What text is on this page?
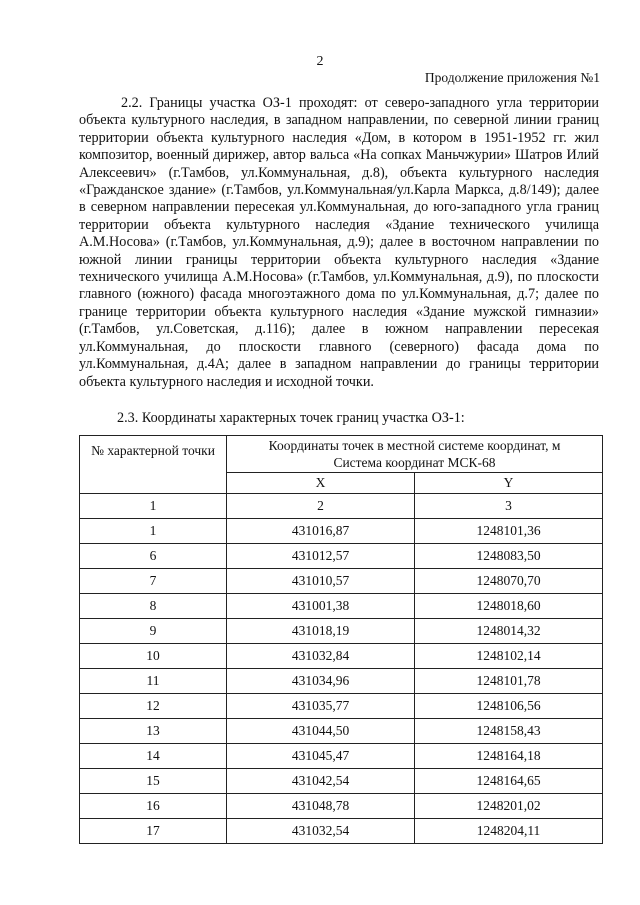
2
Продолжение приложения №1

2.2. Границы участка ОЗ-1 проходят: от северо-западного угла территории объекта культурного наследия, в западном направлении, по северной линии границ территории объекта культурного наследия «Дом, в котором в 1951-1952 гг. жил композитор, военный дирижер, автор вальса «На сопках Маньчжурии» Шатров Илий Алексеевич» (г.Тамбов, ул.Коммунальная, д.8), объекта культурного наследия «Гражданское здание» (г.Тамбов, ул.Коммунальная/ул.Карла Маркса, д.8/149); далее в северном направлении пересекая ул.Коммунальная, до юго-западного угла границ территории объекта культурного наследия «Здание технического училища А.М.Носова» (г.Тамбов, ул.Коммунальная, д.9); далее в восточном направлении по южной линии границы территории объекта культурного наследия «Здание технического училища А.М.Носова» (г.Тамбов, ул.Коммунальная, д.9), по плоскости главного (южного) фасада многоэтажного дома по ул.Коммунальная, д.7; далее по границе территории объекта культурного наследия «Здание мужской гимназии» (г.Тамбов, ул.Советская, д.116); далее в южном направлении пересекая ул.Коммунальная, до плоскости главного (северного) фасада дома по ул.Коммунальная, д.4А; далее в западном направлении до границы территории объекта культурного наследия и исходной точки.

2.3. Координаты характерных точек границ участка ОЗ-1:
№ характерной точки	Координаты точек в местной системе координат, м
Система координат МСК-68	

	X	Y
1	2	3
1	431016,87	1248101,36
6	431012,57	1248083,50
7	431010,57	1248070,70
8	431001,38	1248018,60
9	431018,19	1248014,32
10	431032,84	1248102,14
11	431034,96	1248101,78
12	431035,77	1248106,56
13	431044,50	1248158,43
14	431045,47	1248164,18
15	431042,54	1248164,65
16	431048,78	1248201,02
17	431032,54	1248204,11
